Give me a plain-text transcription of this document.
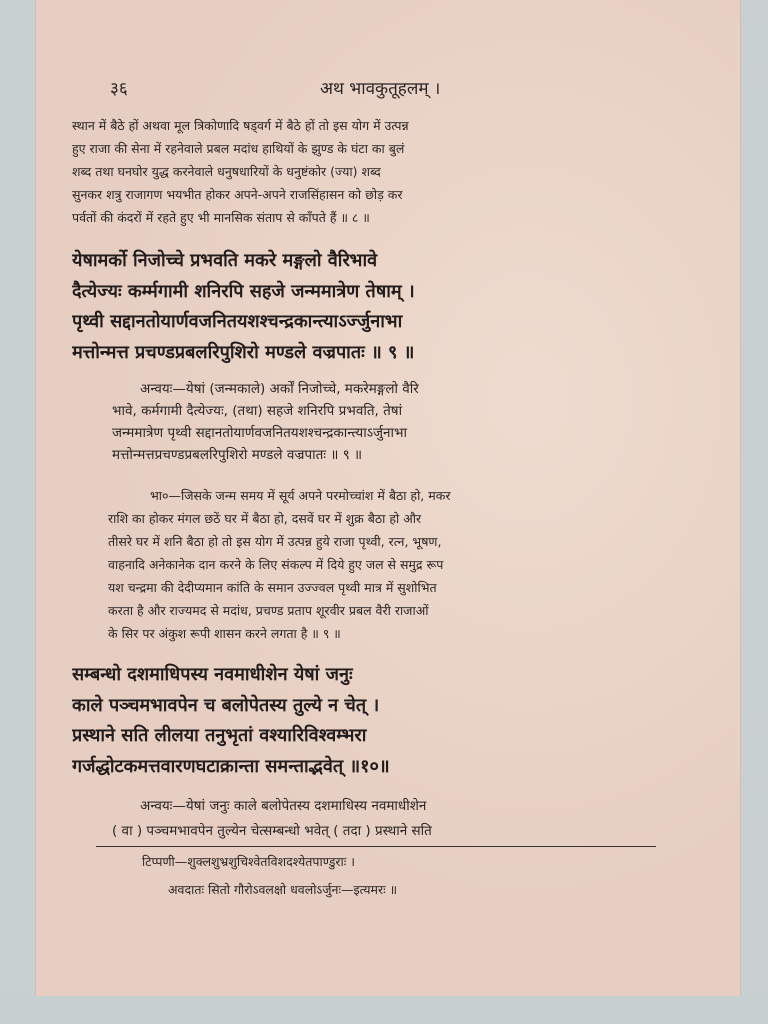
३६	अथ भावकुतूहलम् ।
स्थान में बैठे हों अथवा मूल त्रिकोणादि षड्वर्ग में बैठे हों तो इस योग में उत्पन्न
हुए राजा की सेना में रहनेवाले प्रबल मदांध हाथियों के झुण्ड के घंटा का बुलं
शब्द तथा घनघोर युद्ध करनेवाले धनुषधारियों के धनुष्टंकोर (ज्या) शब्द
सुनकर शत्रु राजागण भयभीत होकर अपने-अपने राजसिंहासन को छोड़ कर
पर्वतों की कंदरों में रहते हुए भी मानसिक संताप से काँपते हैं ॥ ८ ॥
येषामर्को निजोच्चे प्रभवति मकरे मङ्गलो वैरिभावे
दैत्येज्यः कर्म्मगामी शनिरपि सहजे जन्ममात्रेण तेषाम् ।
पृथ्वी सद्दानतोयार्णवजनितयशश्चन्द्रकान्त्याऽर्ज्जुनाभा
मत्तोन्मत्त प्रचण्डप्रबलरिपुशिरो मण्डले वज्रपातः ॥ ९ ॥
अन्वयः—येषां (जन्मकाले) अर्कों निजोच्चे, मकरेमङ्गलो वैरि
भावे, कर्मगामी दैत्येज्यः, (तथा) सहजे शनिरपि प्रभवति, तेषां
जन्ममात्रेण पृथ्वी सद्दानतोयार्णवजनितयशश्चन्द्रकान्त्याऽर्जुनाभा
मत्तोन्मत्तप्रचण्डप्रबलरिपुशिरो मण्डले वज्रपातः ॥ ९ ॥
भा०—जिसके जन्म समय में सूर्य अपने परमोच्चांश में बैठा हो, मकर
राशि का होकर मंगल छठें घर में बैठा हो, दसवें घर में शुक्र बैठा हो और
तीसरे घर में शनि बैठा हो तो इस योग में उत्पन्न हुये राजा पृथ्वी, रत्न, भूषण,
वाहनादि अनेकानेक दान करने के लिए संकल्प में दिये हुए जल से समुद्र रूप
यश चन्द्रमा की देदीप्यमान कांति के समान उज्ज्वल पृथ्वी मात्र में सुशोभित
करता है और राज्यमद से मदांध, प्रचण्ड प्रताप शूरवीर प्रबल वैरी राजाओं
के सिर पर अंकुश रूपी शासन करने लगता है ॥ ९ ॥
सम्बन्धो दशमाधिपस्य नवमाधीशेन येषां जनुः
काले पञ्चमभावपेन च बलोपेतस्य तुल्ये न चेत् ।
प्रस्थाने सति लीलया तनुभृतां वश्यारिविश्वम्भरा
गर्जद्धोटकमत्तवारणघटाक्रान्ता समन्ताद्भवेत् ॥१०॥
अन्वयः—येषां जनुः काले बलोपेतस्य दशमाधिस्य नवमाधीशेन
( वा ) पञ्चमभावपेन तुल्येन चेत्सम्बन्धो भवेत् ( तदा ) प्रस्थाने सति
टिप्पणी—शुक्लशुभ्रशुचिश्वेतविशदश्येतपाण्डुराः ।
अवदातः सितो गौरोऽवलक्षो धवलोऽर्जुनः—इत्यमरः ॥
